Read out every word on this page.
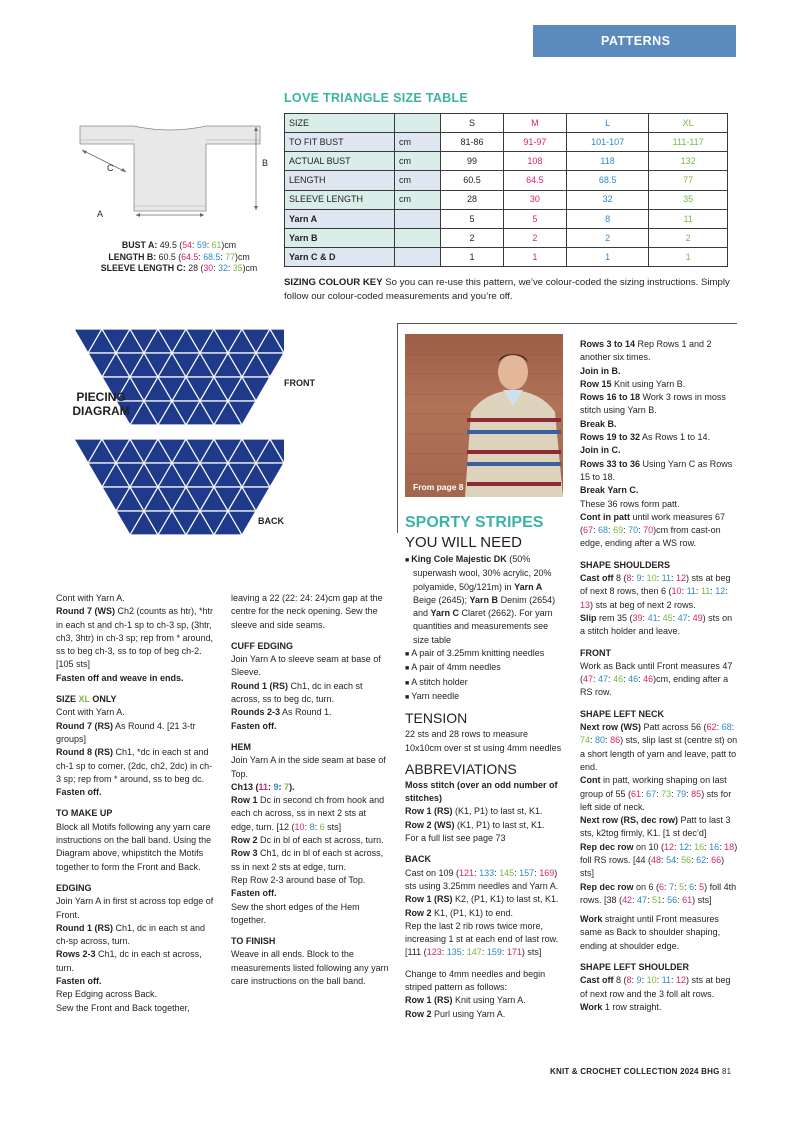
PATTERNS
A
B
C
BUST A: 49.5 (54: 59: 61)cm
LENGTH B: 60.5 (64.5: 68.5: 77)cm
SLEEVE LENGTH C: 28 (30: 32: 35)cm
LOVE TRIANGLE SIZE TABLE
SIZE		S	M	L	XL
TO FIT BUST	cm	81-86	91-97	101-107	111-117
ACTUAL BUST	cm	99	108	118	132
LENGTH	cm	60.5	64.5	68.5	77
SLEEVE LENGTH	cm	28	30	32	35
Yarn A		5	5	8	11
Yarn B		2	2	2	2
Yarn C & D		1	1	1	1
SIZING COLOUR KEY So you can re-use this pattern, we’ve colour-coded the sizing instructions. Simply follow our colour-coded measurements and you’re off.
PIECING
DIAGRAM
FRONT
BACK
From page 8
SPORTY STRIPES
YOU WILL NEED

Cont with Yarn A.

Round 7 (WS) Ch2 (counts as htr), *htr in each st and ch-1 sp to ch-3 sp, (3htr, ch3, 3htr) in ch-3 sp; rep from * around, ss to beg ch-3, ss to top of beg ch-2. [105 sts]

Fasten off and weave in ends.

SIZE XL ONLY

Cont with Yarn A.

Round 7 (RS) As Round 4. [21 3-tr groups]

Round 8 (RS) Ch1, *dc in each st and ch-1 sp to corner, (2dc, ch2, 2dc) in ch-3 sp; rep from * around, ss to beg dc.

Fasten off.

TO MAKE UP

Block all Motifs following any yarn care instructions on the ball band. Using the Diagram above, whipstitch the Motifs together to form the Front and Back.

EDGING

Join Yarn A in first st across top edge of Front.

Round 1 (RS) Ch1, dc in each st and ch-sp across, turn.

Rows 2-3 Ch1, dc in each st across, turn.

Fasten off.

Rep Edging across Back.

Sew the Front and Back together,

leaving a 22 (22: 24: 24)cm gap at the centre for the neck opening. Sew the sleeve and side seams.

CUFF EDGING

Join Yarn A to sleeve seam at base of Sleeve.

Round 1 (RS) Ch1, dc in each st across, ss to beg dc, turn.

Rounds 2-3 As Round 1.

Fasten off.

HEM

Join Yarn A in the side seam at base of Top.

Ch13 (11: 9: 7).

Row 1 Dc in second ch from hook and each ch across, ss in next 2 sts at edge, turn. [12 (10: 8: 6 sts]

Row 2 Dc in bl of each st across, turn.

Row 3 Ch1, dc in bl of each st across, ss in next 2 sts at edge, turn.

Rep Row 2-3 around base of Top.

Fasten off.

Sew the short edges of the Hem together.

TO FINISH

Weave in all ends. Block to the measurements listed following any yarn care instructions on the ball band.

■ King Cole Majestic DK (50% superwash wool, 30% acrylic, 20% polyamide, 50g/121m) in Yarn A Beige (2645); Yarn B Denim (2654) and Yarn C Claret (2662). For yarn quantities and measurements see size table

■ A pair of 3.25mm knitting needles

■ A pair of 4mm needles

■ A stitch holder

■ Yarn needle

TENSION

22 sts and 28 rows to measure 10x10cm over st st using 4mm needles

ABBREVIATIONS

Moss stitch (over an odd number of stitches)

Row 1 (RS) (K1, P1) to last st, K1.

Row 2 (WS) (K1, P1) to last st, K1.

For a full list see page 73

BACK

Cast on 109 (121: 133: 145: 157: 169) sts using 3.25mm needles and Yarn A.

Row 1 (RS) K2, (P1, K1) to last st, K1.

Row 2 K1, (P1, K1) to end.

Rep the last 2 rib rows twice more, increasing 1 st at each end of last row. [111 (123: 135: 147: 159: 171) sts]

Change to 4mm needles and begin striped pattern as follows:

Row 1 (RS) Knit using Yarn A.

Row 2 Purl using Yarn A.

Rows 3 to 14 Rep Rows 1 and 2 another six times.

Join in B.

Row 15 Knit using Yarn B.

Rows 16 to 18 Work 3 rows in moss stitch using Yarn B.

Break B.

Rows 19 to 32 As Rows 1 to 14.

Join in C.

Rows 33 to 36 Using Yarn C as Rows 15 to 18.

Break Yarn C.

These 36 rows form patt.

Cont in patt until work measures 67 (67: 68: 69: 70: 70)cm from cast-on edge, ending after a WS row.

SHAPE SHOULDERS

Cast off 8 (8: 9: 10: 11: 12) sts at beg of next 8 rows, then 6 (10: 11: 11: 12: 13) sts at beg of next 2 rows.

Slip rem 35 (39: 41: 45: 47: 49) sts on a stitch holder and leave.

FRONT

Work as Back until Front measures 47 (47: 47: 46: 46: 46)cm, ending after a RS row.

SHAPE LEFT NECK

Next row (WS) Patt across 56 (62: 68: 74: 80: 86) sts, slip last st (centre st) on a short length of yarn and leave, patt to end.

Cont in patt, working shaping on last group of 55 (61: 67: 73: 79: 85) sts for left side of neck.

Next row (RS, dec row) Patt to last 3 sts, k2tog firmly, K1. [1 st dec’d]

Rep dec row on 10 (12: 12: 16: 16: 18) foll RS rows. [44 (48: 54: 56: 62: 66) sts]

Rep dec row on 6 (6: 7: 5: 6: 5) foll 4th rows. [38 (42: 47: 51: 56: 61) sts]

Work straight until Front measures same as Back to shoulder shaping, ending at shoulder edge.

SHAPE LEFT SHOULDER

Cast off 8 (8: 9: 10: 11: 12) sts at beg of next row and the 3 foll alt rows.

Work 1 row straight.

KNIT & CROCHET COLLECTION 2024 BHG 81
